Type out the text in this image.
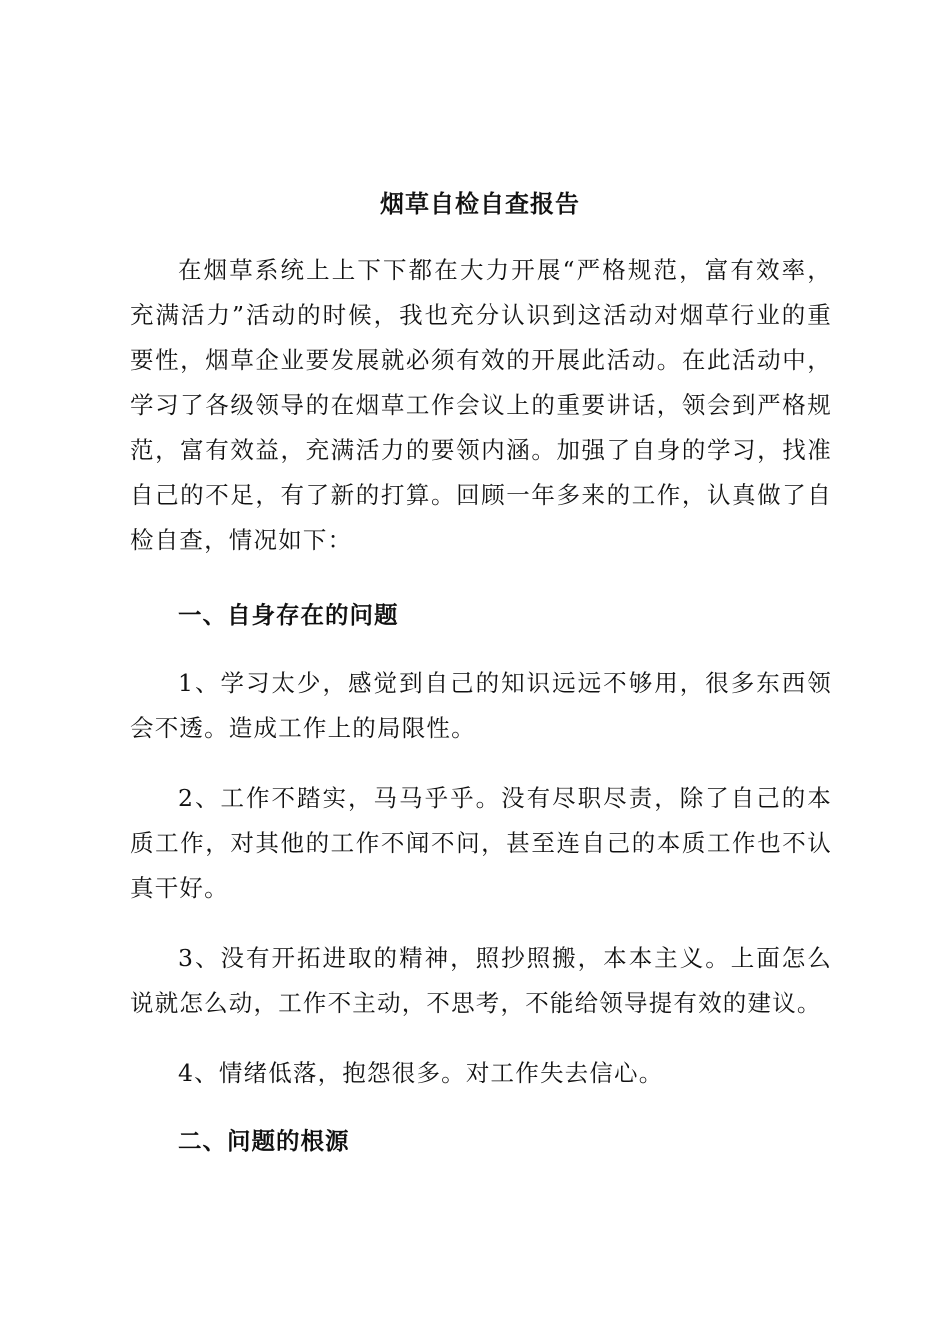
烟草自检自查报告

在烟草系统上上下下都在大力开展“严格规范，富有效率，充满活力”活动的时候，我也充分认识到这活动对烟草行业的重要性，烟草企业要发展就必须有效的开展此活动。在此活动中，学习了各级领导的在烟草工作会议上的重要讲话，领会到严格规范，富有效益，充满活力的要领内涵。加强了自身的学习，找准自己的不足，有了新的打算。回顾一年多来的工作，认真做了自检自查，情况如下：

一、自身存在的问题

1、学习太少，感觉到自己的知识远远不够用，很多东西领会不透。造成工作上的局限性。

2、工作不踏实，马马乎乎。没有尽职尽责，除了自己的本质工作，对其他的工作不闻不问，甚至连自己的本质工作也不认真干好。

3、没有开拓进取的精神，照抄照搬，本本主义。上面怎么说就怎么动，工作不主动，不思考，不能给领导提有效的建议。

4、情绪低落，抱怨很多。对工作失去信心。

二、问题的根源
